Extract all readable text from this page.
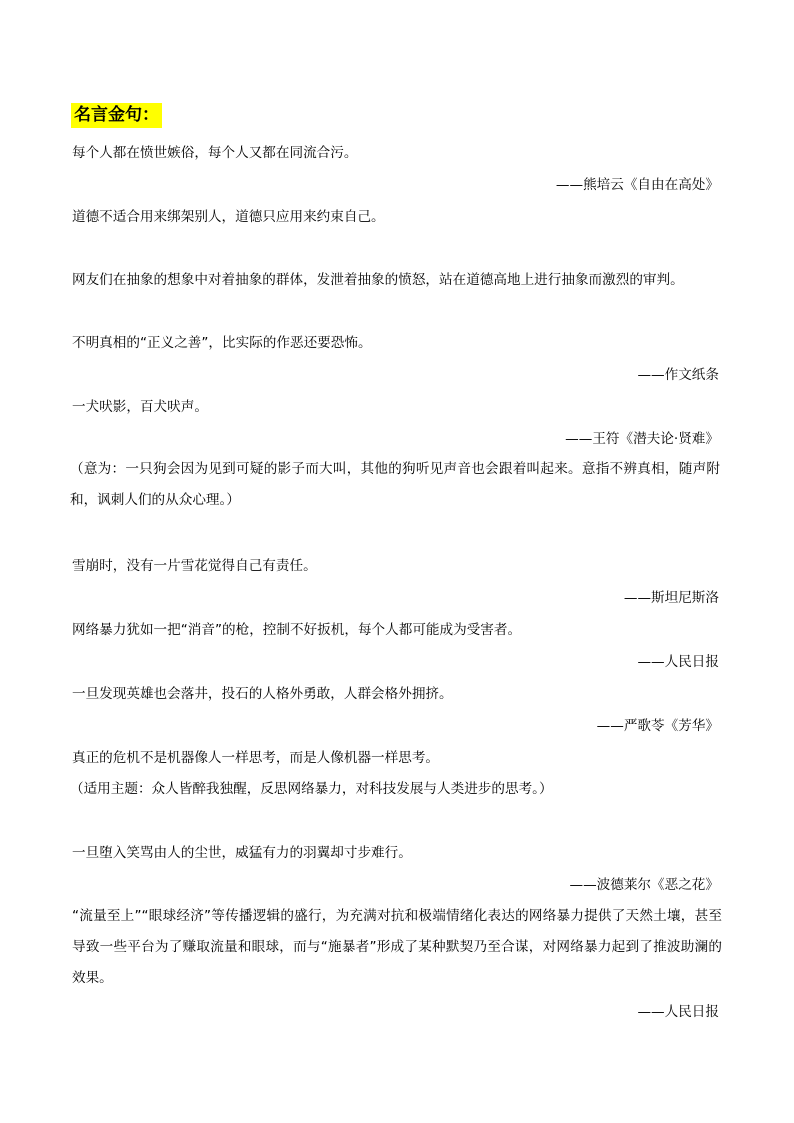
名言金句：
每个人都在愤世嫉俗，每个人又都在同流合污。
——熊培云《自由在高处》
道德不适合用来绑架别人，道德只应用来约束自己。
网友们在抽象的想象中对着抽象的群体，发泄着抽象的愤怒，站在道德高地上进行抽象而激烈的审判。
不明真相的“正义之善”，比实际的作恶还要恐怖。
——作文纸条
一犬吠影，百犬吠声。
——王符《潜夫论·贤难》
（意为：一只狗会因为见到可疑的影子而大叫，其他的狗听见声音也会跟着叫起来。意指不辨真相，随声附和，讽刺人们的从众心理。）
雪崩时，没有一片雪花觉得自己有责任。
——斯坦尼斯洛
网络暴力犹如一把“消音”的枪，控制不好扳机，每个人都可能成为受害者。
——人民日报
一旦发现英雄也会落井，投石的人格外勇敢，人群会格外拥挤。
——严歌苓《芳华》
真正的危机不是机器像人一样思考，而是人像机器一样思考。
（适用主题：众人皆醉我独醒，反思网络暴力，对科技发展与人类进步的思考。）
一旦堕入笑骂由人的尘世，威猛有力的羽翼却寸步难行。
——波德莱尔《恶之花》
“流量至上”“眼球经济”等传播逻辑的盛行，为充满对抗和极端情绪化表达的网络暴力提供了天然土壤，甚至导致一些平台为了赚取流量和眼球，而与“施暴者”形成了某种默契乃至合谋，对网络暴力起到了推波助澜的效果。
——人民日报
